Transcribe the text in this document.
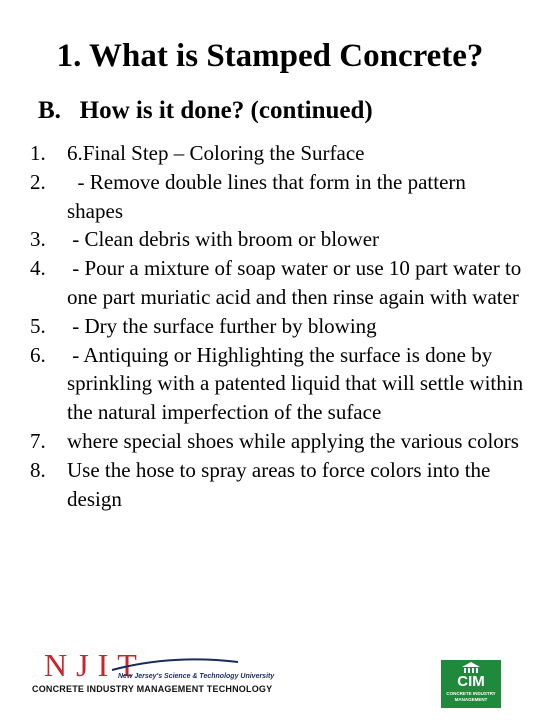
1. What is Stamped Concrete?
B.   How is it done? (continued)
1.	6.Final Step – Coloring the Surface
2.	- Remove double lines that form in the pattern shapes
3.	- Clean debris with broom or blower
4.	- Pour a mixture of soap water or use 10 part water to one part muriatic acid and then rinse again with water
5.	- Dry the surface further by blowing
6.	- Antiquing or Highlighting the surface is done by sprinkling with a patented liquid that will settle within the natural imperfection of the suface
7.	where special shoes while applying the various colors
8.	Use the hose to spray areas to force colors into the design
NJIT
New Jersey's Science & Technology University
CONCRETE INDUSTRY MANAGEMENT TECHNOLOGY	CIM
CONCRETE INDUSTRY MANAGEMENT
